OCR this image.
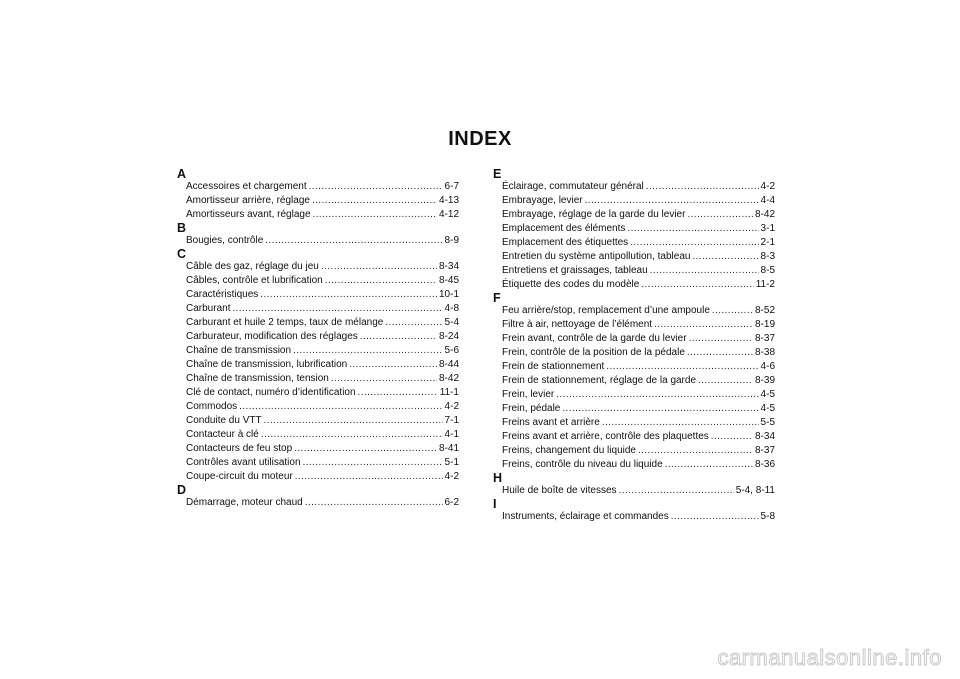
INDEX
A
Accessoires et chargement .....	6-7
Amortisseur arrière, réglage .....	4-13
Amortisseurs avant, réglage .....	4-12
B
Bougies, contrôle .....	8-9
C
Câble des gaz, réglage du jeu .....	8-34
Câbles, contrôle et lubrification .....	8-45
Caractéristiques .....	10-1
Carburant .....	4-8
Carburant et huile 2 temps, taux de mélange .....	5-4
Carburateur, modification des réglages .....	8-24
Chaîne de transmission .....	5-6
Chaîne de transmission, lubrification .....	8-44
Chaîne de transmission, tension .....	8-42
Clé de contact, numéro d’identification .....	11-1
Commodos .....	4-2
Conduite du VTT .....	7-1
Contacteur à clé .....	4-1
Contacteurs de feu stop .....	8-41
Contrôles avant utilisation .....	5-1
Coupe-circuit du moteur .....	4-2
D
Démarrage, moteur chaud .....	6-2
E
Éclairage, commutateur général .....	4-2
Embrayage, levier .....	4-4
Embrayage, réglage de la garde du levier .....	8-42
Emplacement des éléments .....	3-1
Emplacement des étiquettes .....	2-1
Entretien du système antipollution, tableau .....	8-3
Entretiens et graissages, tableau .....	8-5
Étiquette des codes du modèle .....	11-2
F
Feu arrière/stop, remplacement d’une ampoule .....	8-52
Filtre à air, nettoyage de l’élément .....	8-19
Frein avant, contrôle de la garde du levier .....	8-37
Frein, contrôle de la position de la pédale .....	8-38
Frein de stationnement .....	4-6
Frein de stationnement, réglage de la garde .....	8-39
Frein, levier .....	4-5
Frein, pédale .....	4-5
Freins avant et arrière .....	5-5
Freins avant et arrière, contrôle des plaquettes .....	8-34
Freins, changement du liquide .....	8-37
Freins, contrôle du niveau du liquide .....	8-36
H
Huile de boîte de vitesses .....	5-4, 8-11
I
Instruments, éclairage et commandes .....	5-8
carmanualsonline.info
